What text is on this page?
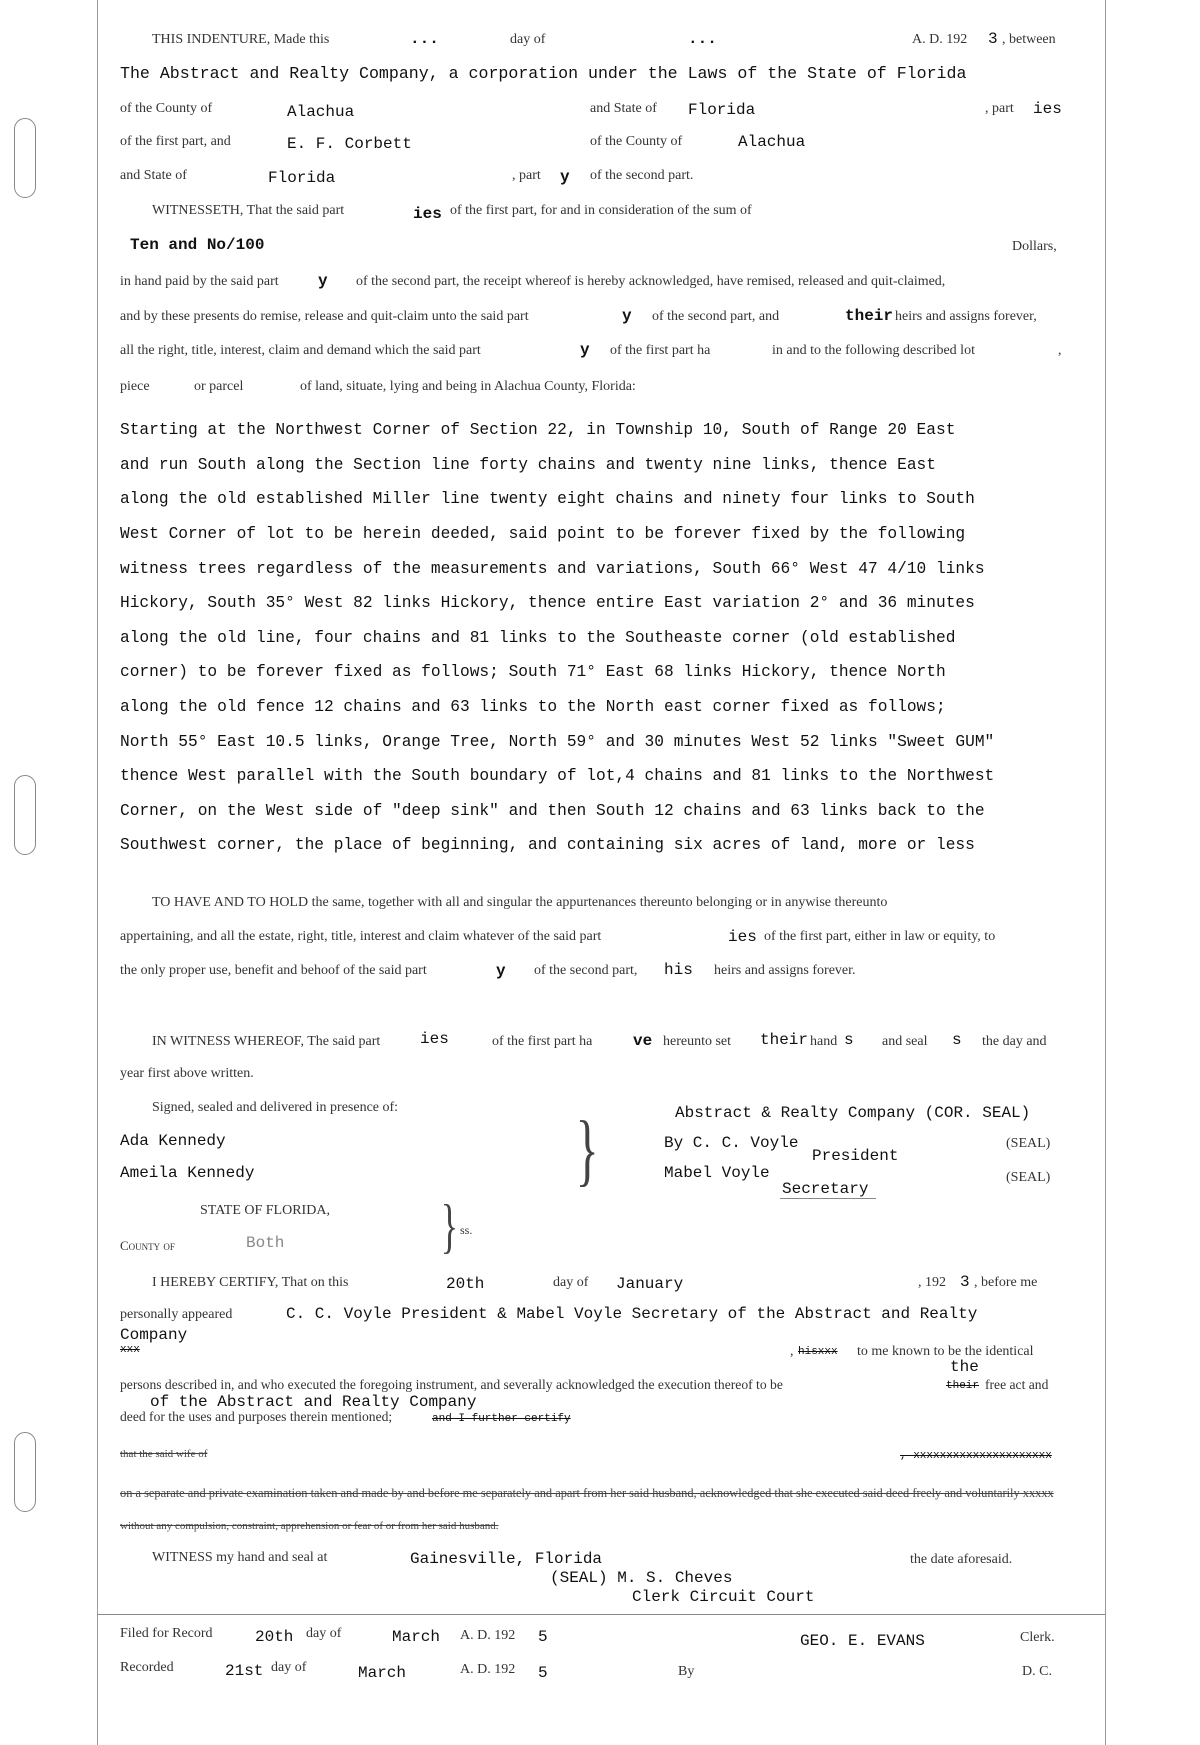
THIS INDENTURE, Made this	...	day of	...	A. D. 192 3 , between
The Abstract and Realty Company, a corporation under the Laws of the State of Florida
of the County of	Alachua	and State of Florida	, part ies
of the first part, and	E. F. Corbett	of the County of	Alachua
and State of	Florida	, part y of the second part.
WITNESSETH, That the said part	ies of the first part, for and in consideration of the sum of
Ten and No/100	Dollars,
in hand paid by the said part y of the second part, the receipt whereof is hereby acknowledged, have remised, released and quit-claimed,
and by these presents do remise, release and quit-claim unto the said part	y of the second part, and	their heirs and assigns forever,
all the right, title, interest, claim and demand which the said part	y of the first part ha	in and to the following described lot	,
piece	or parcel	of land, situate, lying and being in Alachua County, Florida:

Starting at the Northwest Corner of Section 22, in Township 10, South of Range 20 East

and run South along the Section line forty chains and twenty nine links, thence East

along the old established Miller line twenty eight chains and ninety four links to South

West Corner of lot to be herein deeded, said point to be forever fixed by the following

witness trees regardless of the measurements and variations, South 66° West 47 4/10 links

Hickory, South 35° West 82 links Hickory, thence entire East variation 2° and 36 minutes

along the old line, four chains and 81 links to the Southeaste corner (old established

corner) to be forever fixed as follows; South 71° East 68 links Hickory, thence North

along the old fence 12 chains and 63 links to the North east corner fixed as follows;

North 55° East 10.5 links, Orange Tree, North 59° and 30 minutes West 52 links "Sweet GUM"

thence West parallel with the South boundary of lot,4 chains and 81 links to the Northwest

Corner, on the West side of "deep sink" and then South 12 chains and 63 links back to the

Southwest corner, the place of beginning, and containing six acres of land, more or less

TO HAVE AND TO HOLD the same, together with all and singular the appurtenances thereunto belonging or in anywise thereunto
appertaining, and all the estate, right, title, interest and claim whatever of the said part	ies of the first part, either in law or equity, to
the only proper use, benefit and behoof of the said part	y of the second part, his heirs and assigns forever.
IN WITNESS WHEREOF, The said part ies	of the first part ha	ve hereunto set their hand s and seal s the day and
year first above written.
Signed, sealed and delivered in presence of:
Ada Kennedy
Ameila Kennedy	}	Abstract & Realty Company (COR. SEAL)
By C. C. Voyle
President
(SEAL)
Mabel Voyle
Secretary
(SEAL)
STATE OF FLORIDA, } ss.
County of	Both
I HEREBY CERTIFY, That on this	20th	day of January	, 192 3 , before me
personally appeared	C. C. Voyle President & Mabel Voyle Secretary of the Abstract and Realty
Company
xxx	, hisxxx to me known to be the identical
the
persons described in, and who executed the foregoing instrument, and severally acknowledged the execution thereof to be	their free act and
of the Abstract and Realty Company
deed for the uses and purposes therein mentioned;	and I further certify
that the said wife of	, xxxxxxxxxxxxxxxxxxxxx
on a separate and private examination taken and made by and before me separately and apart from her said husband, acknowledged that she executed said deed freely and voluntarily xxxxx
without any compulsion, constraint, apprehension or fear of or from her said husband.
WITNESS my hand and seal at	Gainesville, Florida	the date aforesaid.
(SEAL) M. S. Cheves
Clerk Circuit Court
Filed for Record	20th day of	March A. D. 192 5	GEO. E. EVANS	Clerk.
Recorded	21st day of	March	A. D. 192 5	By	D. C.
